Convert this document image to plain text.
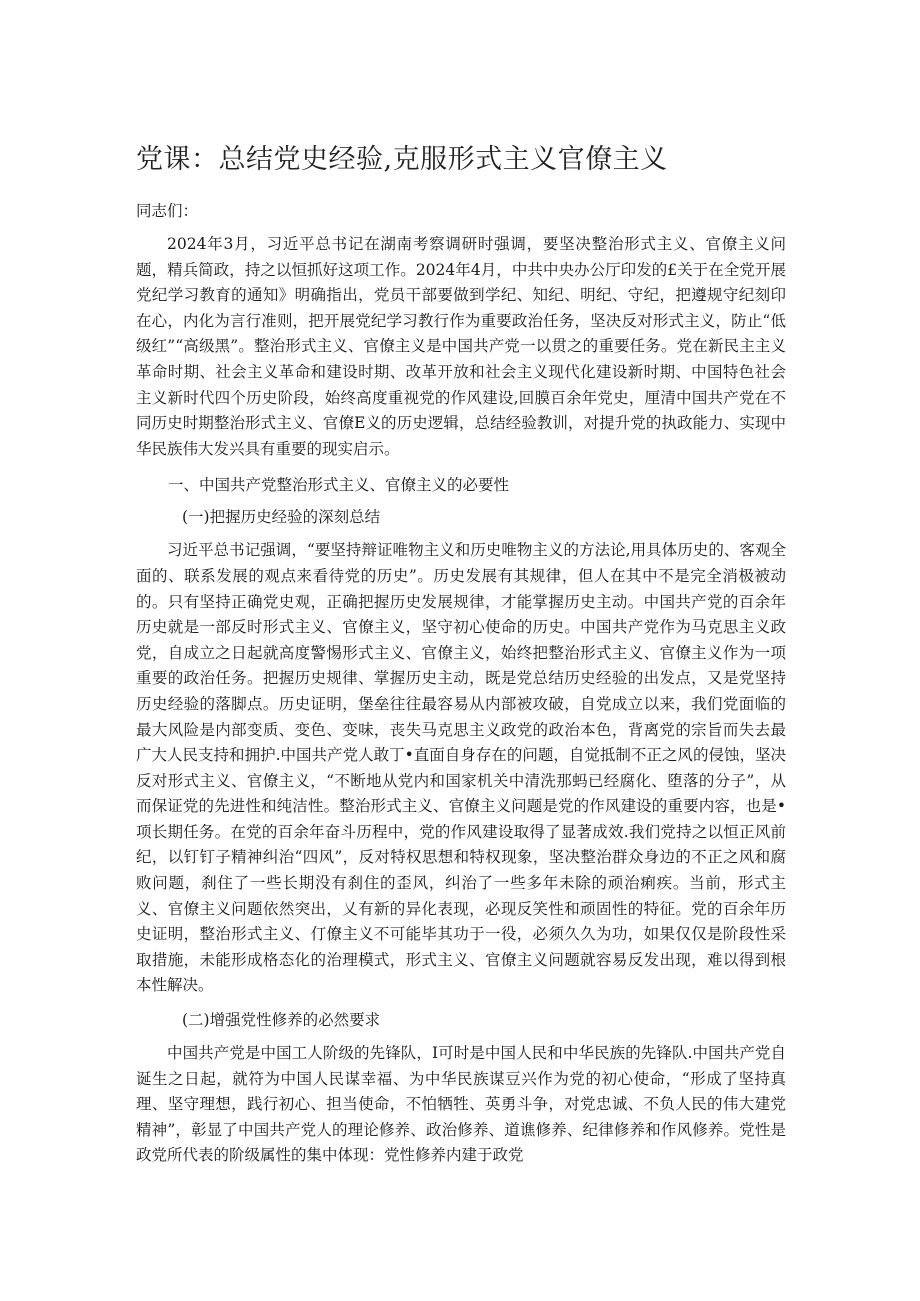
党课：总结党史经验,克服形式主义官僚主义

同志们：

2024年3月，习近平总书记在湖南考察调研时强调，要坚决整治形式主义、官僚主义问题，精兵简政，持之以恒抓好这项工作。2024年4月，中共中央办公厅印发的£关于在全党开展党纪学习教育的通知》明确指出，党员干部要做到学纪、知纪、明纪、守纪，把遵规守纪刻印在心，内化为言行准则，把开展党纪学习教行作为重要政治任务，坚决反对形式主义，防止“低级红”“高级黑”。整治形式主义、官僚主义是中国共产党一以贯之的重要任务。党在新民主主义革命时期、社会主义革命和建设时期、改革开放和社会主义现代化建设新时期、中国特色社会主义新时代四个历史阶段，始终高度重视党的作风建设,回膜百余年党史，厘清中国共产党在不同历史时期整治形式主义、官僚E义的历史逻辑，总结经验教训，对提升党的执政能力、实现中华民族伟大发兴具有重要的现实启示。

一、中国共产党整治形式主义、官僚主义的必要性

(一)把握历史经验的深刻总结

习近平总书记强调，“要坚持辩证唯物主义和历史唯物主义的方法论,用具体历史的、客观全面的、联系发展的观点来看待党的历史”。历史发展有其规律，但人在其中不是完全消极被动的。只有坚持正确党史观，正确把握历史发展规律，才能掌握历史主动。中国共产党的百余年历史就是一部反时形式主义、官僚主义，坚守初心使命的历史。中国共产党作为马克思主义政党，自成立之日起就高度警惕形式主义、官僚主义，始终把整治形式主义、官僚主义作为一项重要的政治任务。把握历史规律、掌握历史主动，既是党总结历史经验的出发点，又是党坚持历史经验的落脚点。历史证明，堡垒往往最容易从内部被攻破，自党成立以来，我们党面临的最大风险是内部变质、变色、变味，丧失马克思主义政党的政治本色，背离党的宗旨而失去最广大人民支持和拥护.中国共产党人敢丁•直面自身存在的问题，自觉抵制不正之风的侵蚀，坚决反对形式主义、官僚主义，“不断地从党内和国家机关中清洗那蚂已经腐化、堕落的分子”，从而保证党的先进性和纯洁性。整治形式主义、官僚主义问题是党的作风建设的重要内容，也是•项长期任务。在党的百余年奋斗历程中，党的作风建设取得了显著成效.我们党持之以恒正风前纪，以钉钉子精神纠治“四风”，反对特权思想和特权现象，坚决整治群众身边的不正之风和腐败问题，刹住了一些长期没有刹住的歪风，纠治了一些多年未除的顽治痢疾。当前，形式主义、官僚主义问题依然突出，乂有新的异化表现，必现反笑性和顽固性的特征。党的百余年历史证明，整治形式主义、仃僚主义不可能毕其功于一役，必须久久为功，如果仅仅是阶段性采取措施，未能形成格态化的治理模式，形式主义、官僚主义问题就容易反发出现，难以得到根本性解决。

(二)增强党性修养的必然要求

中国共产党是中国工人阶级的先锋队，I可时是中国人民和中华民族的先锋队.中国共产党自诞生之日起，就符为中国人民谋幸福、为中华民族谋豆兴作为党的初心使命，“形成了坚持真理、坚守理想，践行初心、担当使命，不怕牺牲、英勇斗争，对党忠诚、不负人民的伟大建党精神”，彰显了中国共产党人的理论修养、政治修养、道谯修养、纪律修养和作风修养。党性是政党所代表的阶级属性的集中体现：党性修养内建于政党
